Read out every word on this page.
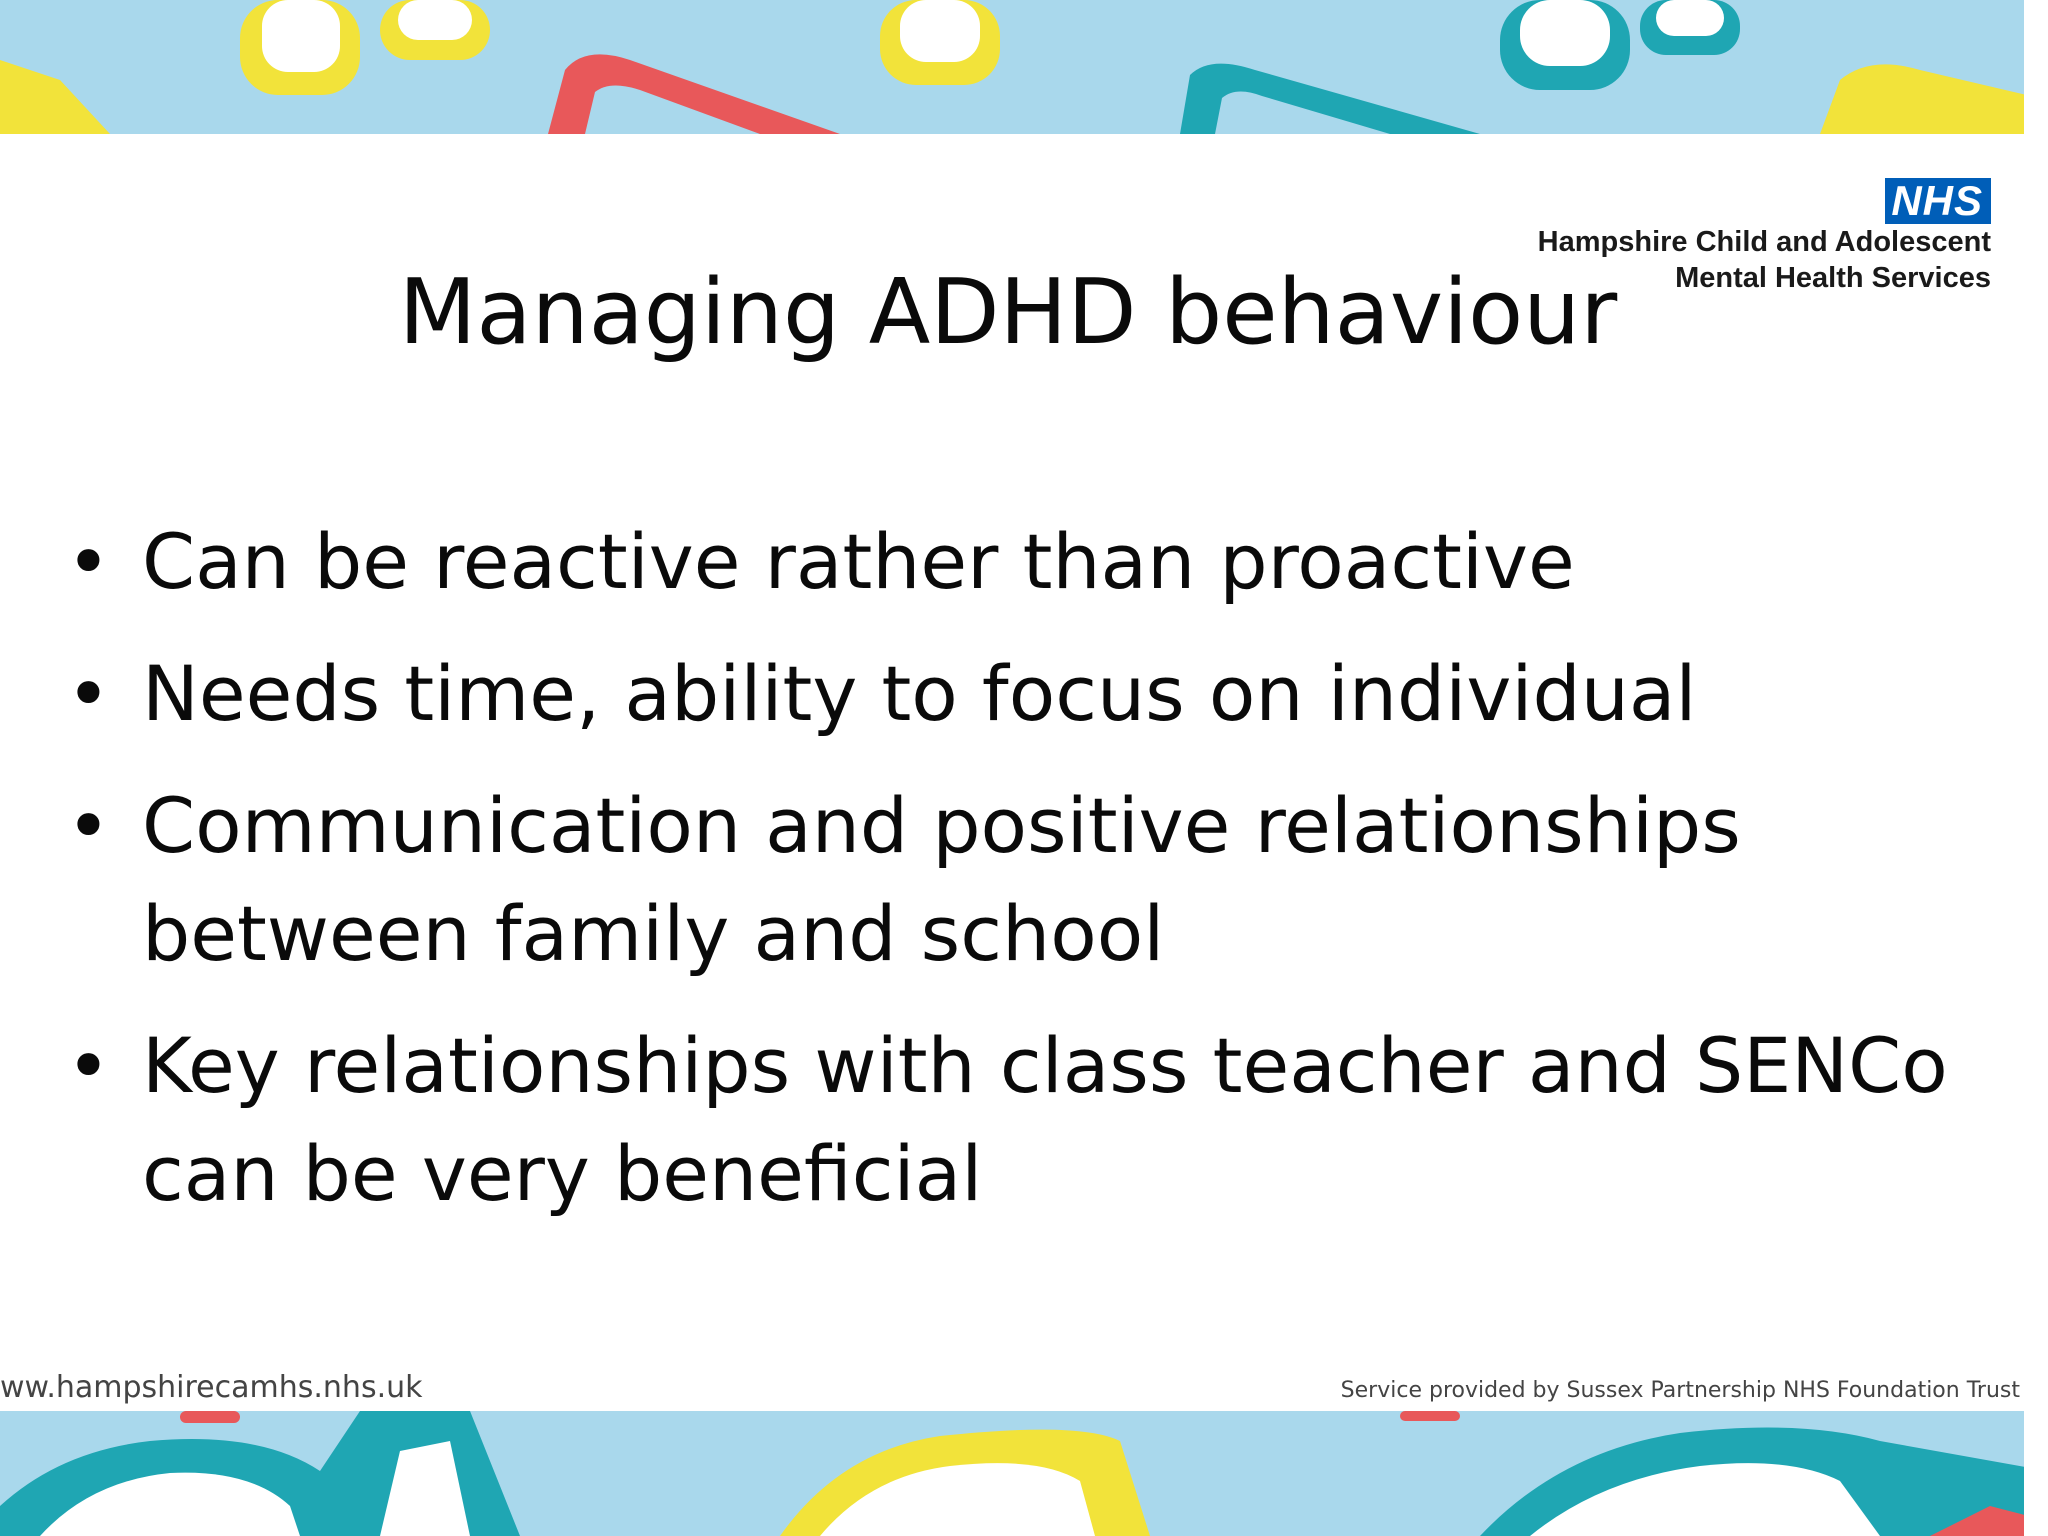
NHS
Hampshire Child and Adolescent
Mental Health Services
Managing ADHD behaviour
• Can be reactive rather than proactive
• Needs time, ability to focus on individual
• Communication and positive relationships between family and school
• Key relationships with class teacher and SENCo can be very beneficial
ww.hampshirecamhs.nhs.uk	Service provided by Sussex Partnership NHS Foundation Trust
